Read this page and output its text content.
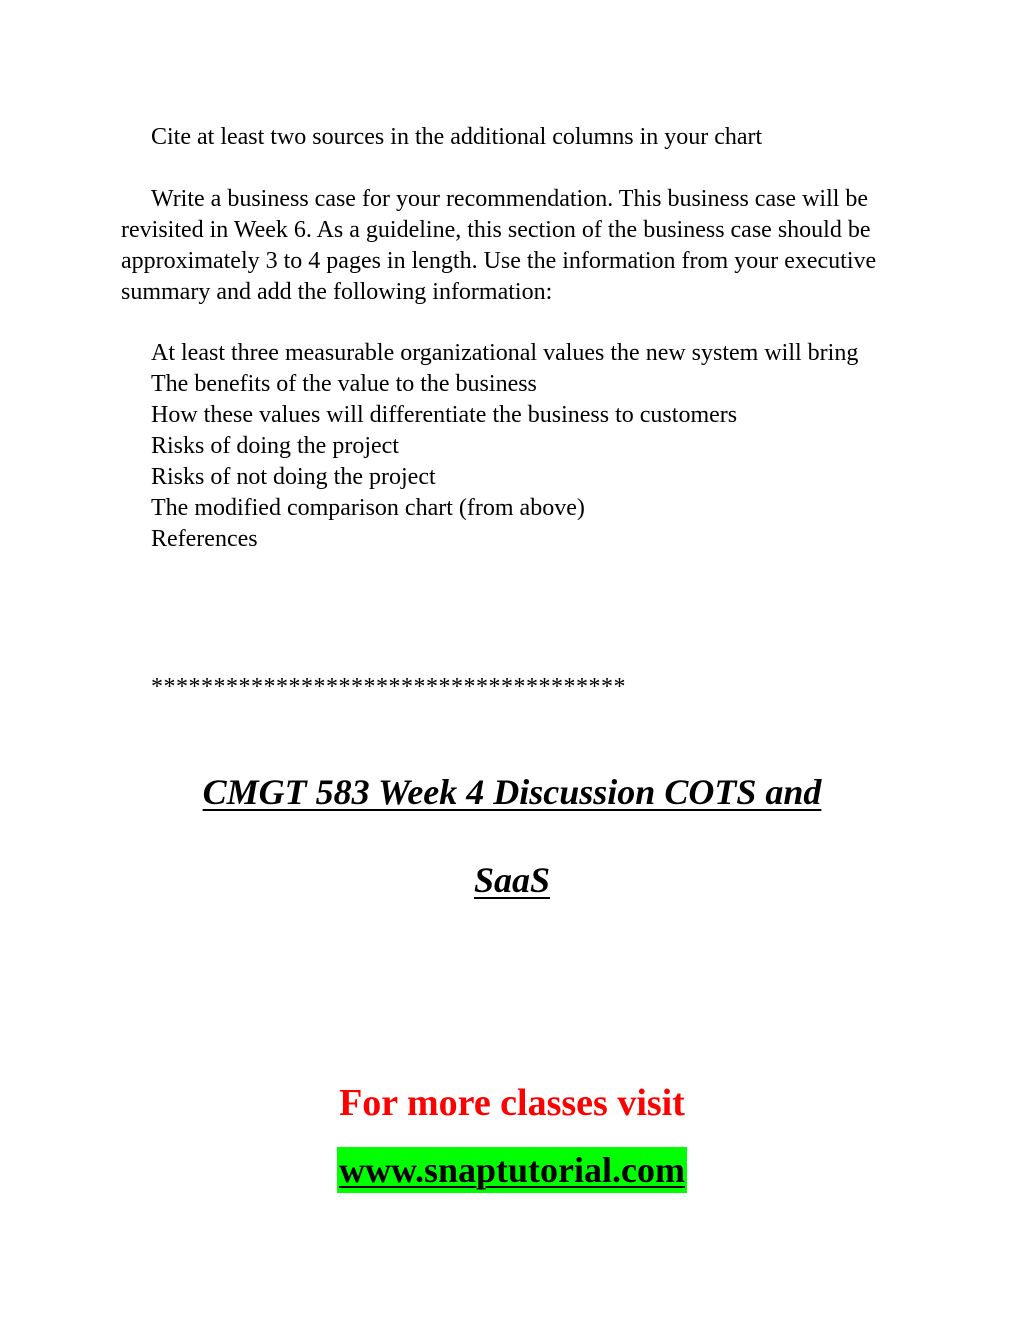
Cite at least two sources in the additional columns in your chart

Write a business case for your recommendation. This business case will be revisited in Week 6. As a guideline, this section of the business case should be approximately 3 to 4 pages in length. Use the information from your executive summary and add the following information:

At least three measurable organizational values the new system will bring
The benefits of the value to the business
How these values will differentiate the business to customers
Risks of doing the project
Risks of not doing the project
The modified comparison chart (from above)
References

**************************************

CMGT 583 Week 4 Discussion COTS and

SaaS

For more classes visit

www.snaptutorial.com
